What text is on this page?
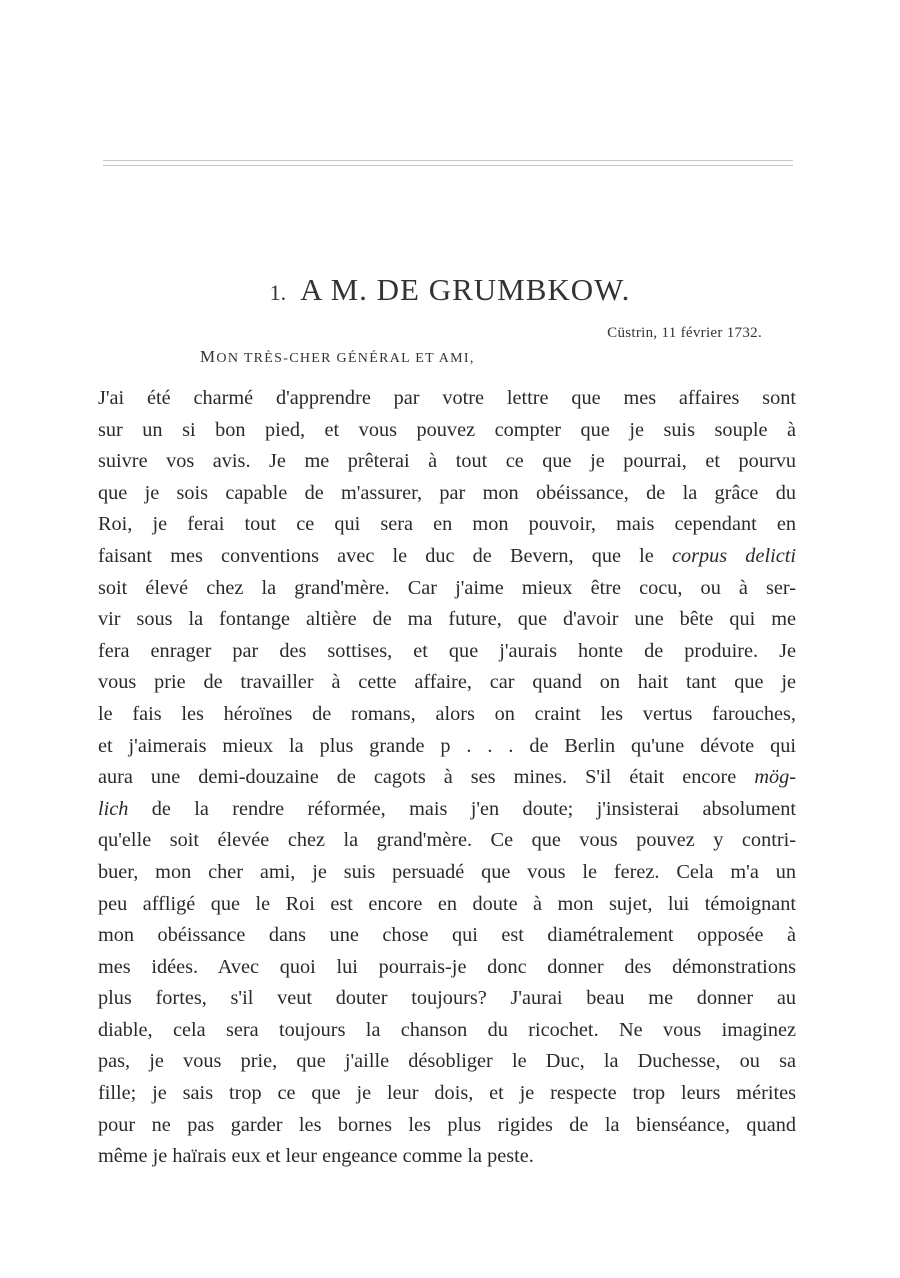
1. A M. DE GRUMBKOW.
Cüstrin, 11 février 1732.
MON TRÈS-CHER GÉNÉRAL ET AMI,
J'ai été charmé d'apprendre par votre lettre que mes affaires sont
sur un si bon pied, et vous pouvez compter que je suis souple à
suivre vos avis. Je me prêterai à tout ce que je pourrai, et pourvu
que je sois capable de m'assurer, par mon obéissance, de la grâce du
Roi, je ferai tout ce qui sera en mon pouvoir, mais cependant en
faisant mes conventions avec le duc de Bevern, que le corpus delicti
soit élevé chez la grand'mère. Car j'aime mieux être cocu, ou à ser-
vir sous la fontange altière de ma future, que d'avoir une bête qui me
fera enrager par des sottises, et que j'aurais honte de produire. Je
vous prie de travailler à cette affaire, car quand on hait tant que je
le fais les héroïnes de romans, alors on craint les vertus farouches,
et j'aimerais mieux la plus grande p . . . de Berlin qu'une dévote qui
aura une demi-douzaine de cagots à ses mines. S'il était encore mög-
lich de la rendre réformée, mais j'en doute; j'insisterai absolument
qu'elle soit élevée chez la grand'mère. Ce que vous pouvez y contri-
buer, mon cher ami, je suis persuadé que vous le ferez. Cela m'a un
peu affligé que le Roi est encore en doute à mon sujet, lui témoignant
mon obéissance dans une chose qui est diamétralement opposée à
mes idées. Avec quoi lui pourrais-je donc donner des démonstrations
plus fortes, s'il veut douter toujours? J'aurai beau me donner au
diable, cela sera toujours la chanson du ricochet. Ne vous imaginez
pas, je vous prie, que j'aille désobliger le Duc, la Duchesse, ou sa
fille; je sais trop ce que je leur dois, et je respecte trop leurs mérites
pour ne pas garder les bornes les plus rigides de la bienséance, quand
même je haïrais eux et leur engeance comme la peste.
